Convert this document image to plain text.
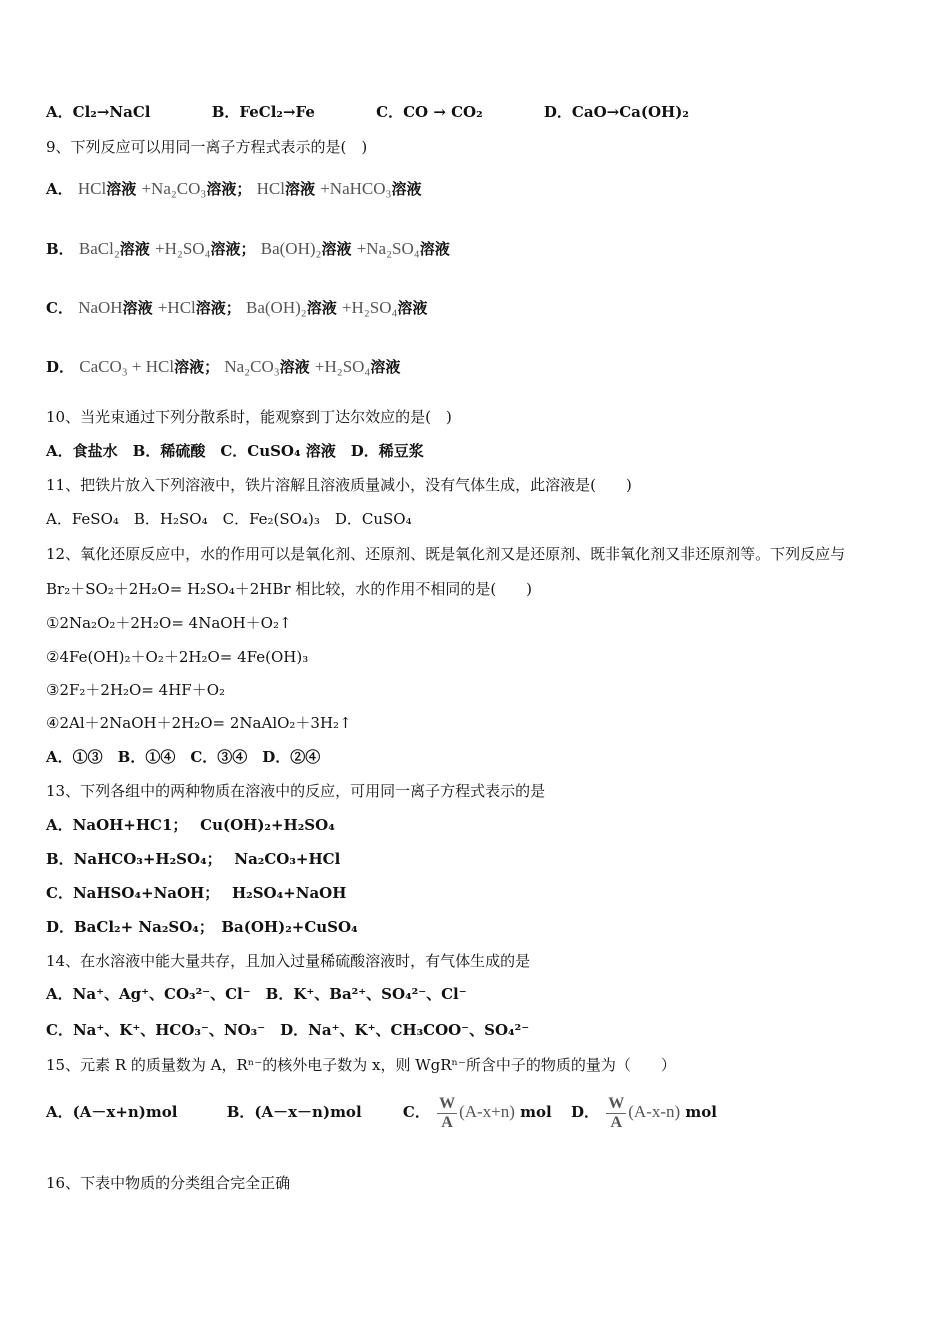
A．Cl₂→NaCl	B．FeCl₂→Fe	C．CO → CO₂	D．CaO→Ca(OH)₂
9、下列反应可以用同一离子方程式表示的是(　)
A． HCl溶液 +Na₂CO₃溶液； HCl溶液 +NaHCO₃溶液
B． BaCl₂溶液 +H₂SO₄溶液； Ba(OH)₂溶液 +Na₂SO₄溶液
C． NaOH溶液 +HCl溶液； Ba(OH)₂溶液 +H₂SO₄溶液
D． CaCO₃ + HCl溶液； Na₂CO₃溶液 +H₂SO₄溶液
10、当光束通过下列分散系时，能观察到丁达尔效应的是(　)
A．食盐水　B．稀硫酸　C．CuSO₄ 溶液　D．稀豆浆
11、把铁片放入下列溶液中，铁片溶解且溶液质量减小，没有气体生成，此溶液是(　　)
A．FeSO₄　B．H₂SO₄　C．Fe₂(SO₄)₃　D．CuSO₄
12、氧化还原反应中，水的作用可以是氧化剂、还原剂、既是氧化剂又是还原剂、既非氧化剂又非还原剂等。下列反应与
Br₂＋SO₂＋2H₂O= H₂SO₄＋2HBr 相比较，水的作用不相同的是(　　)
①2Na₂O₂＋2H₂O= 4NaOH＋O₂↑
②4Fe(OH)₂＋O₂＋2H₂O= 4Fe(OH)₃
③2F₂＋2H₂O= 4HF＋O₂
④2Al＋2NaOH＋2H₂O= 2NaAlO₂＋3H₂↑
A．①③　B．①④　C．③④　D．②④
13、下列各组中的两种物质在溶液中的反应，可用同一离子方程式表示的是
A．NaOH+HC1；　 Cu(OH)₂+H₂SO₄
B．NaHCO₃+H₂SO₄；　 Na₂CO₃+HCl
C．NaHSO₄+NaOH；　 H₂SO₄+NaOH
D．BaCl₂+ Na₂SO₄；　Ba(OH)₂+CuSO₄
14、在水溶液中能大量共存，且加入过量稀硫酸溶液时，有气体生成的是
A．Na⁺、Ag⁺、CO₃²⁻、Cl⁻　B．K⁺、Ba²⁺、SO₄²⁻、Cl⁻
C．Na⁺、K⁺、HCO₃⁻、NO₃⁻　D．Na⁺、K⁺、CH₃COO⁻、SO₄²⁻
15、元素 R 的质量数为 A，Rⁿ⁻的核外电子数为 x，则 WgRⁿ⁻所含中子的物质的量为（　　）
A．(A－x+n)mol	B．(A－x－n)mol	C． $\frac{W}{A} (A-x+n)$ mol D． $\frac{W}{A} (A-x-n)$ mol
16、下表中物质的分类组合完全正确
